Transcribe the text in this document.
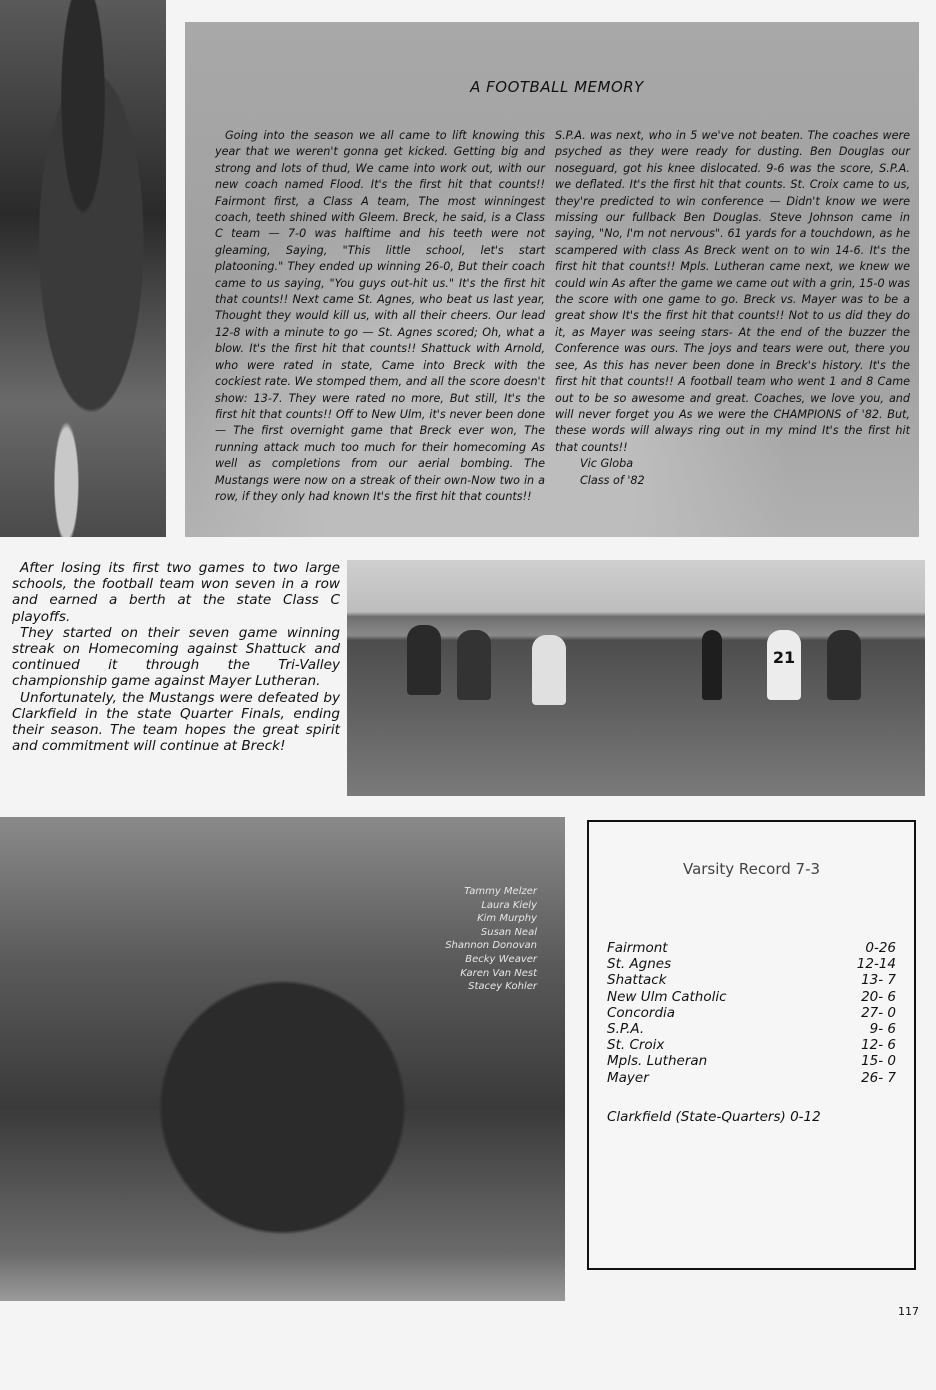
A FOOTBALL MEMORY
Going into the season we all came to lift knowing this year that we weren't gonna get kicked. Getting big and strong and lots of thud, We came into work out, with our new coach named Flood. It's the first hit that counts!! Fairmont first, a Class A team, The most winningest coach, teeth shined with Gleem. Breck, he said, is a Class C team — 7-0 was halftime and his teeth were not gleaming, Saying, "This little school, let's start platooning." They ended up winning 26-0, But their coach came to us saying, "You guys out-hit us." It's the first hit that counts!! Next came St. Agnes, who beat us last year, Thought they would kill us, with all their cheers. Our lead 12-8 with a minute to go — St. Agnes scored; Oh, what a blow. It's the first hit that counts!! Shattuck with Arnold, who were rated in state, Came into Breck with the cockiest rate. We stomped them, and all the score doesn't show: 13-7. They were rated no more, But still, It's the first hit that counts!! Off to New Ulm, it's never been done — The first overnight game that Breck ever won, The running attack much too much for their homecoming As well as completions from our aerial bombing. The Mustangs were now on a streak of their own-Now two in a row, if they only had known It's the first hit that counts!!
S.P.A. was next, who in 5 we've not beaten. The coaches were psyched as they were ready for dusting. Ben Douglas our noseguard, got his knee dislocated. 9-6 was the score, S.P.A. we deflated. It's the first hit that counts. St. Croix came to us, they're predicted to win conference — Didn't know we were missing our fullback Ben Douglas. Steve Johnson came in saying, "No, I'm not nervous". 61 yards for a touchdown, as he scampered with class As Breck went on to win 14-6. It's the first hit that counts!! Mpls. Lutheran came next, we knew we could win As after the game we came out with a grin, 15-0 was the score with one game to go. Breck vs. Mayer was to be a great show It's the first hit that counts!! Not to us did they do it, as Mayer was seeing stars- At the end of the buzzer the Conference was ours. The joys and tears were out, there you see, As this has never been done in Breck's history. It's the first hit that counts!! A football team who went 1 and 8 Came out to be so awesome and great. Coaches, we love you, and will never forget you As we were the CHAMPIONS of '82. But, these words will always ring out in my mind It's the first hit that counts!!
Vic Globa
Class of '82

After losing its first two games to two large schools, the football team won seven in a row and earned a berth at the state Class C playoffs.

They started on their seven game winning streak on Homecoming against Shattuck and continued it through the Tri-Valley championship game against Mayer Lutheran.

Unfortunately, the Mustangs were defeated by Clarkfield in the state Quarter Finals, ending their season. The team hopes the great spirit and commitment will continue at Breck!

21
Tammy Melzer
Laura Kiely
Kim Murphy
Susan Neal
Shannon Donovan
Becky Weaver
Karen Van Nest
Stacey Kohler
Varsity Record 7-3
Fairmont	0-26
St. Agnes	12-14
Shattack	13- 7
New Ulm Catholic	20- 6
Concordia	27- 0
S.P.A.	9- 6
St. Croix	12- 6
Mpls. Lutheran	15- 0
Mayer	26- 7
Clarkfield (State-Quarters) 0-12
117
